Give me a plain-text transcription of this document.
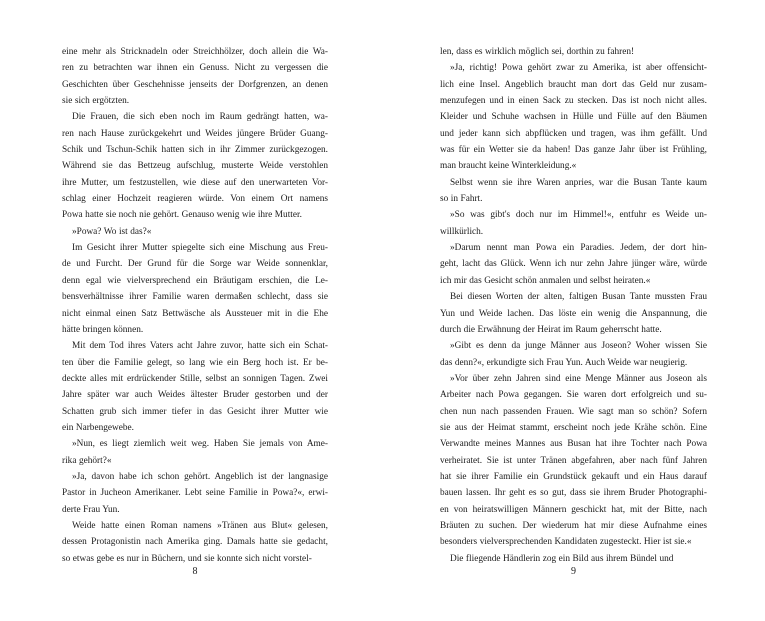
eine mehr als Stricknadeln oder Streichhölzer, doch allein die Wa-
ren zu betrachten war ihnen ein Genuss. Nicht zu vergessen die
Geschichten über Geschehnisse jenseits der Dorfgrenzen, an denen
sie sich ergötzten.
Die Frauen, die sich eben noch im Raum gedrängt hatten, wa-
ren nach Hause zurückgekehrt und Weides jüngere Brüder Guang-
Schik und Tschun-Schik hatten sich in ihr Zimmer zurückgezogen.
Während sie das Bettzeug aufschlug, musterte Weide verstohlen
ihre Mutter, um festzustellen, wie diese auf den unerwarteten Vor-
schlag einer Hochzeit reagieren würde. Von einem Ort namens
Powa hatte sie noch nie gehört. Genauso wenig wie ihre Mutter.
»Powa? Wo ist das?«
Im Gesicht ihrer Mutter spiegelte sich eine Mischung aus Freu-
de und Furcht. Der Grund für die Sorge war Weide sonnenklar,
denn egal wie vielversprechend ein Bräutigam erschien, die Le-
bensverhältnisse ihrer Familie waren dermaßen schlecht, dass sie
nicht einmal einen Satz Bettwäsche als Aussteuer mit in die Ehe
hätte bringen können.
Mit dem Tod ihres Vaters acht Jahre zuvor, hatte sich ein Schat-
ten über die Familie gelegt, so lang wie ein Berg hoch ist. Er be-
deckte alles mit erdrückender Stille, selbst an sonnigen Tagen. Zwei
Jahre später war auch Weides ältester Bruder gestorben und der
Schatten grub sich immer tiefer in das Gesicht ihrer Mutter wie
ein Narbengewebe.
»Nun, es liegt ziemlich weit weg. Haben Sie jemals von Ame-
rika gehört?«
»Ja, davon habe ich schon gehört. Angeblich ist der langnasige
Pastor in Jucheon Amerikaner. Lebt seine Familie in Powa?«, erwi-
derte Frau Yun.
Weide hatte einen Roman namens »Tränen aus Blut« gelesen,
dessen Protagonistin nach Amerika ging. Damals hatte sie gedacht,
so etwas gebe es nur in Büchern, und sie konnte sich nicht vorstel-
8
len, dass es wirklich möglich sei, dorthin zu fahren!
»Ja, richtig! Powa gehört zwar zu Amerika, ist aber offensicht-
lich eine Insel. Angeblich braucht man dort das Geld nur zusam-
menzufegen und in einen Sack zu stecken. Das ist noch nicht alles.
Kleider und Schuhe wachsen in Hülle und Fülle auf den Bäumen
und jeder kann sich abpflücken und tragen, was ihm gefällt. Und
was für ein Wetter sie da haben! Das ganze Jahr über ist Frühling,
man braucht keine Winterkleidung.«
Selbst wenn sie ihre Waren anpries, war die Busan Tante kaum
so in Fahrt.
»So was gibt's doch nur im Himmel!«, entfuhr es Weide un-
willkürlich.
»Darum nennt man Powa ein Paradies. Jedem, der dort hin-
geht, lacht das Glück. Wenn ich nur zehn Jahre jünger wäre, würde
ich mir das Gesicht schön anmalen und selbst heiraten.«
Bei diesen Worten der alten, faltigen Busan Tante mussten Frau
Yun und Weide lachen. Das löste ein wenig die Anspannung, die
durch die Erwähnung der Heirat im Raum geherrscht hatte.
»Gibt es denn da junge Männer aus Joseon? Woher wissen Sie
das denn?«, erkundigte sich Frau Yun. Auch Weide war neugierig.
»Vor über zehn Jahren sind eine Menge Männer aus Joseon als
Arbeiter nach Powa gegangen. Sie waren dort erfolgreich und su-
chen nun nach passenden Frauen. Wie sagt man so schön? Sofern
sie aus der Heimat stammt, erscheint noch jede Krähe schön. Eine
Verwandte meines Mannes aus Busan hat ihre Tochter nach Powa
verheiratet. Sie ist unter Tränen abgefahren, aber nach fünf Jahren
hat sie ihrer Familie ein Grundstück gekauft und ein Haus darauf
bauen lassen. Ihr geht es so gut, dass sie ihrem Bruder Photographi-
en von heiratswilligen Männern geschickt hat, mit der Bitte, nach
Bräuten zu suchen. Der wiederum hat mir diese Aufnahme eines
besonders vielversprechenden Kandidaten zugesteckt. Hier ist sie.«
Die fliegende Händlerin zog ein Bild aus ihrem Bündel und
9
